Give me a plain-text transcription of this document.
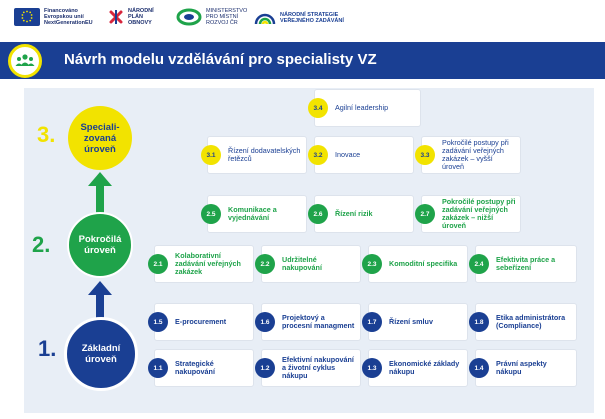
Financováno Evropskou unií NextGenerationEU
NÁRODNÍ PLÁN OBNOVY
MINISTERSTVO PRO MÍSTNÍ ROZVOJ ČR
NÁRODNÍ STRATEGIE VEŘEJNÉHO ZADÁVÁNÍ
Návrh modelu vzdělávání pro specialisty VZ
3.	Speciali-zovaná úroveň
2.	Pokročilá úroveň
1.	Základní úroveň
3.4	Agilní leadership
3.1	Řízení dodavatelských řetězců	3.2	Inovace	3.3
Pokročilé postupy při zadávání veřejných zakázek – vyšší úroveň
2.5	Komunikace a vyjednávání	2.6	Řízení rizik	2.7
Pokročilé postupy při zadávání veřejných zakázek – nižší úroveň
2.1
Kolaborativní zadávání veřejných zakázek
2.2	Udržitelné nakupování	2.3	Komoditní specifika	2.4	Efektivita práce a sebeřízení
1.5	E-procurement	1.6	Projektový a procesní managment	1.7	Řízení smluv	1.8	Etika administrátora (Compliance)
1.1	Strategické nakupování	1.2
Efektivní nakupování a životní cyklus nákupu
1.3	Ekonomické základy nákupu	1.4	Právní aspekty nákupu
